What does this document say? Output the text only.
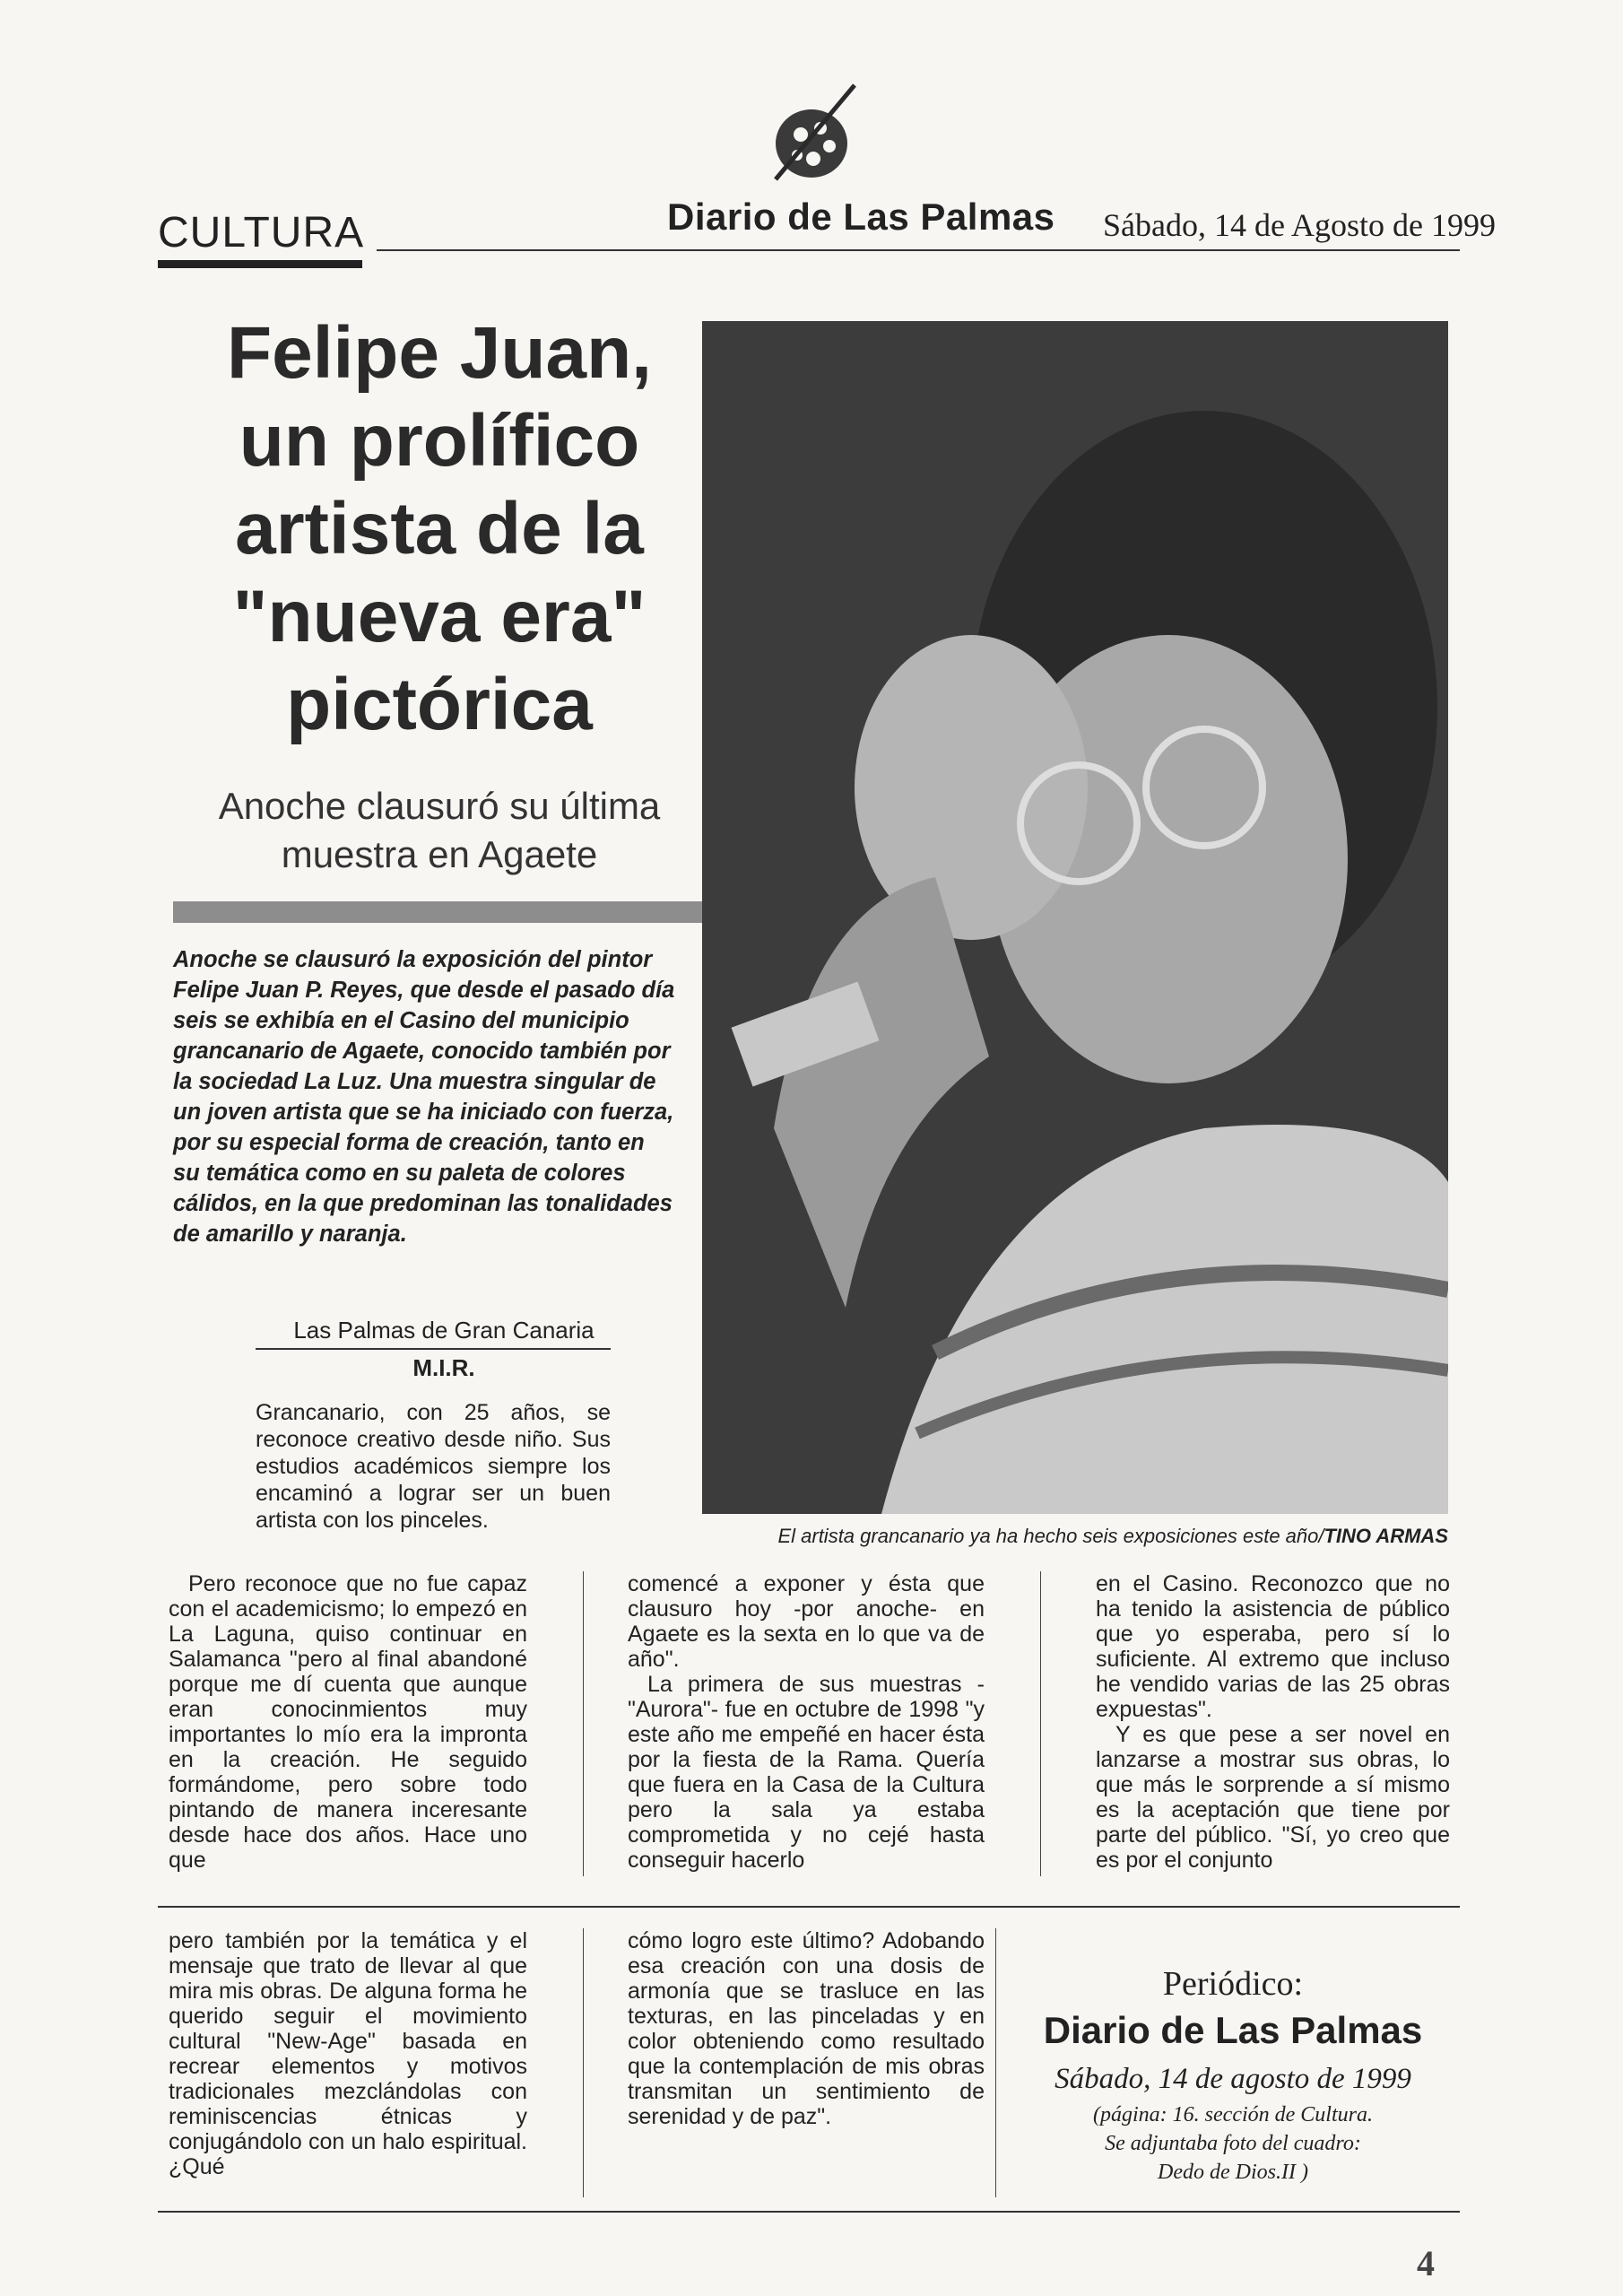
CULTURA	Diario de Las Palmas Sábado, 14 de Agosto de 1999
Felipe Juan, un prolífico artista de la "nueva era" pictórica
Anoche clausuró su última muestra en Agaete
Anoche se clausuró la exposición del pintor Felipe Juan P. Reyes, que desde el pasado día seis se exhibía en el Casino del municipio grancanario de Agaete, conocido también por la sociedad La Luz. Una muestra singular de un joven artista que se ha iniciado con fuerza, por su especial forma de creación, tanto en su temática como en su paleta de colores cálidos, en la que predominan las tonalidades de amarillo y naranja.
Las Palmas de Gran Canaria
M.I.R.
Grancanario, con 25 años, se reconoce creativo desde niño. Sus estudios académicos siempre los encaminó a lograr ser un buen artista con los pinceles.
El artista grancanario ya ha hecho seis exposiciones este año/TINO ARMAS
Pero reconoce que no fue capaz con el academicismo; lo empezó en La Laguna, quiso continuar en Salamanca "pero al final abandoné porque me dí cuenta que aunque eran conocinmientos muy importantes lo mío era la impronta en la creación. He seguido formándome, pero sobre todo pintando de manera inceresante desde hace dos años. Hace uno que

comencé a exponer y ésta que clausuro hoy -por anoche- en Agaete es la sexta en lo que va de año".

La primera de sus muestras -"Aurora"- fue en octubre de 1998 "y este año me empeñé en hacer ésta por la fiesta de la Rama. Quería que fuera en la Casa de la Cultura pero la sala ya estaba comprometida y no cejé hasta conseguir hacerlo

en el Casino. Reconozco que no ha tenido la asistencia de público que yo esperaba, pero sí lo suficiente. Al extremo que incluso he vendido varias de las 25 obras expuestas".

Y es que pese a ser novel en lanzarse a mostrar sus obras, lo que más le sorprende a sí mismo es la aceptación que tiene por parte del público. "Sí, yo creo que es por el conjunto

pero también por la temática y el mensaje que trato de llevar al que mira mis obras. De alguna forma he querido seguir el movimiento cultural "New-Age" basada en recrear elementos y motivos tradicionales mezclándolas con reminiscencias étnicas y conjugándolo con un halo espiritual. ¿Qué
cómo logro este último? Adobando esa creación con una dosis de armonía que se trasluce en las texturas, en las pinceladas y en color obteniendo como resultado que la contemplación de mis obras transmitan un sentimiento de serenidad y de paz".
Periódico:
Diario de Las Palmas
Sábado, 14 de agosto de 1999
(página: 16. sección de Cultura.
Se adjuntaba foto del cuadro:
Dedo de Dios.II )
4
